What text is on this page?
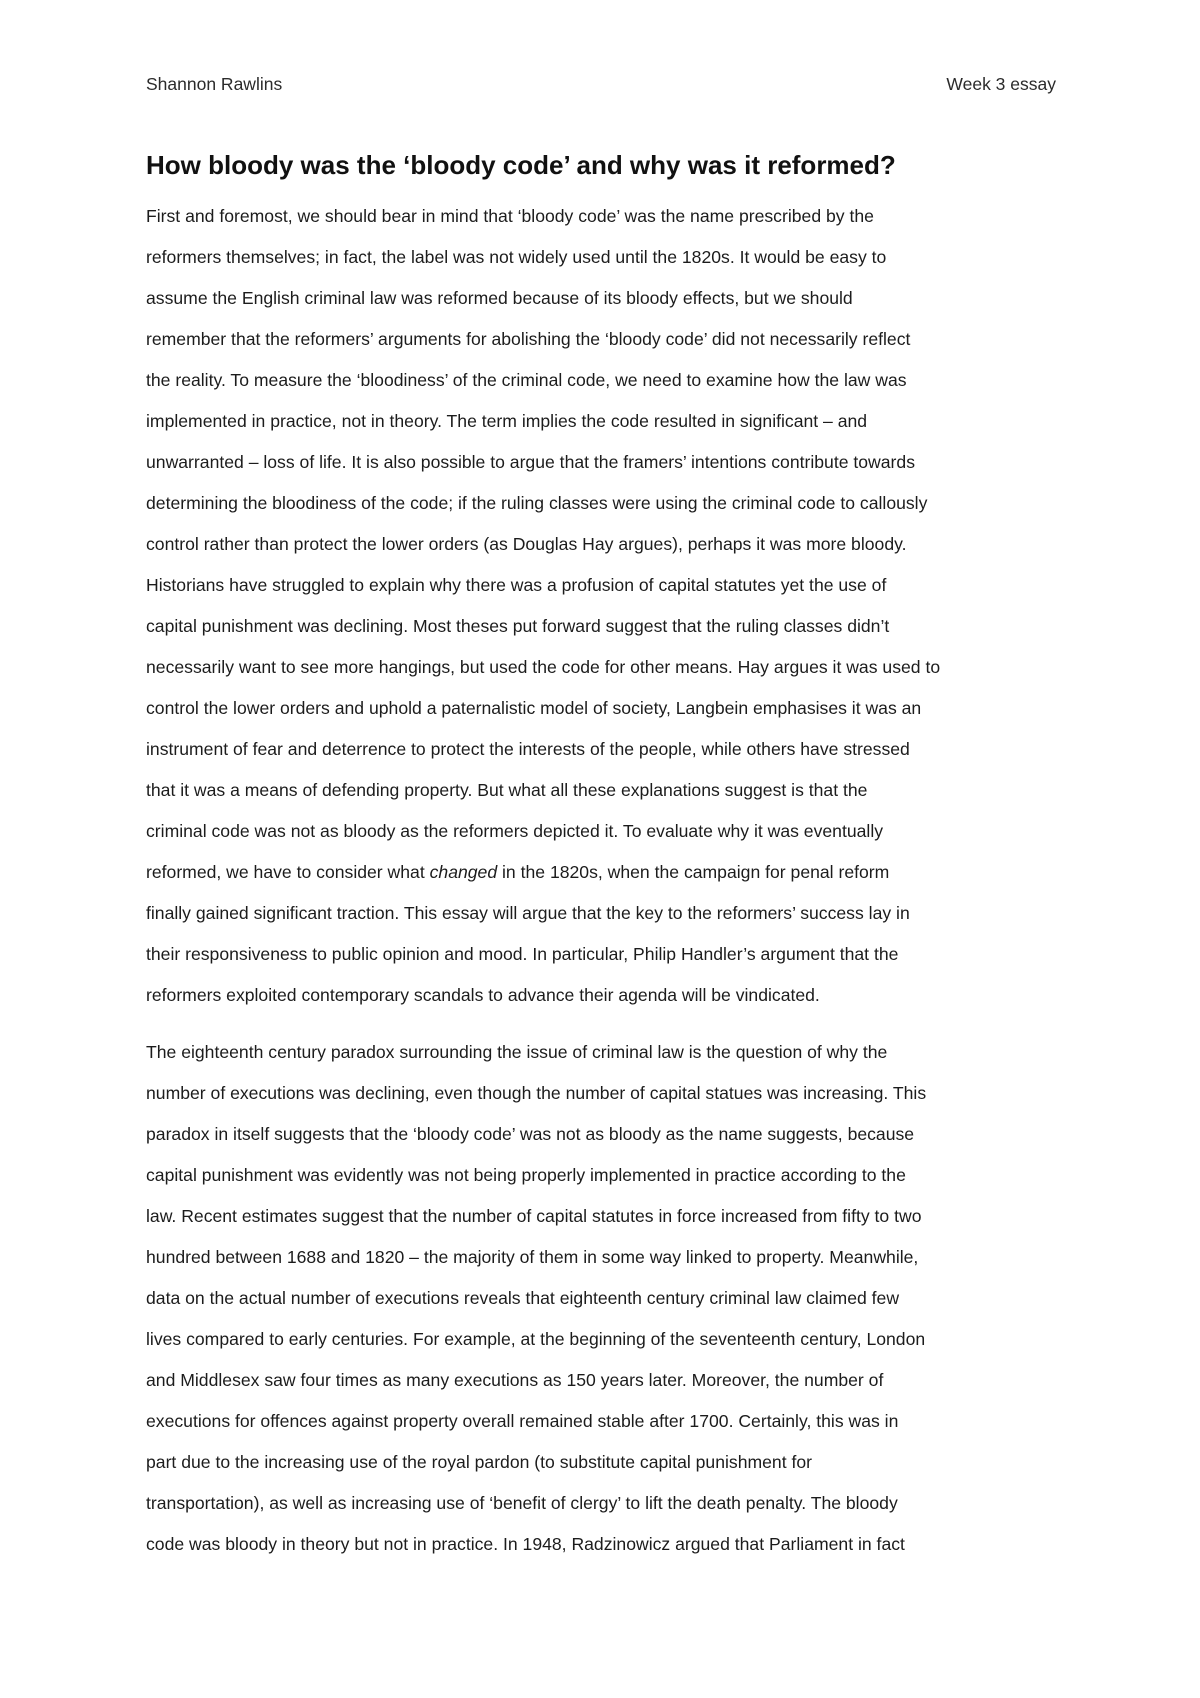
Shannon Rawlins	Week 3 essay
How bloody was the ‘bloody code’ and why was it reformed?
First and foremost, we should bear in mind that ‘bloody code’ was the name prescribed by the
reformers themselves; in fact, the label was not widely used until the 1820s. It would be easy to
assume the English criminal law was reformed because of its bloody effects, but we should
remember that the reformers’ arguments for abolishing the ‘bloody code’ did not necessarily reflect
the reality. To measure the ‘bloodiness’ of the criminal code, we need to examine how the law was
implemented in practice, not in theory. The term implies the code resulted in significant – and
unwarranted – loss of life. It is also possible to argue that the framers’ intentions contribute towards
determining the bloodiness of the code; if the ruling classes were using the criminal code to callously
control rather than protect the lower orders (as Douglas Hay argues), perhaps it was more bloody.
Historians have struggled to explain why there was a profusion of capital statutes yet the use of
capital punishment was declining. Most theses put forward suggest that the ruling classes didn’t
necessarily want to see more hangings, but used the code for other means. Hay argues it was used to
control the lower orders and uphold a paternalistic model of society, Langbein emphasises it was an
instrument of fear and deterrence to protect the interests of the people, while others have stressed
that it was a means of defending property. But what all these explanations suggest is that the
criminal code was not as bloody as the reformers depicted it. To evaluate why it was eventually
reformed, we have to consider what changed in the 1820s, when the campaign for penal reform
finally gained significant traction. This essay will argue that the key to the reformers’ success lay in
their responsiveness to public opinion and mood. In particular, Philip Handler’s argument that the
reformers exploited contemporary scandals to advance their agenda will be vindicated.
The eighteenth century paradox surrounding the issue of criminal law is the question of why the
number of executions was declining, even though the number of capital statues was increasing. This
paradox in itself suggests that the ‘bloody code’ was not as bloody as the name suggests, because
capital punishment was evidently was not being properly implemented in practice according to the
law. Recent estimates suggest that the number of capital statutes in force increased from fifty to two
hundred between 1688 and 1820 – the majority of them in some way linked to property. Meanwhile,
data on the actual number of executions reveals that eighteenth century criminal law claimed few
lives compared to early centuries. For example, at the beginning of the seventeenth century, London
and Middlesex saw four times as many executions as 150 years later. Moreover, the number of
executions for offences against property overall remained stable after 1700. Certainly, this was in
part due to the increasing use of the royal pardon (to substitute capital punishment for
transportation), as well as increasing use of ‘benefit of clergy’ to lift the death penalty. The bloody
code was bloody in theory but not in practice. In 1948, Radzinowicz argued that Parliament in fact
